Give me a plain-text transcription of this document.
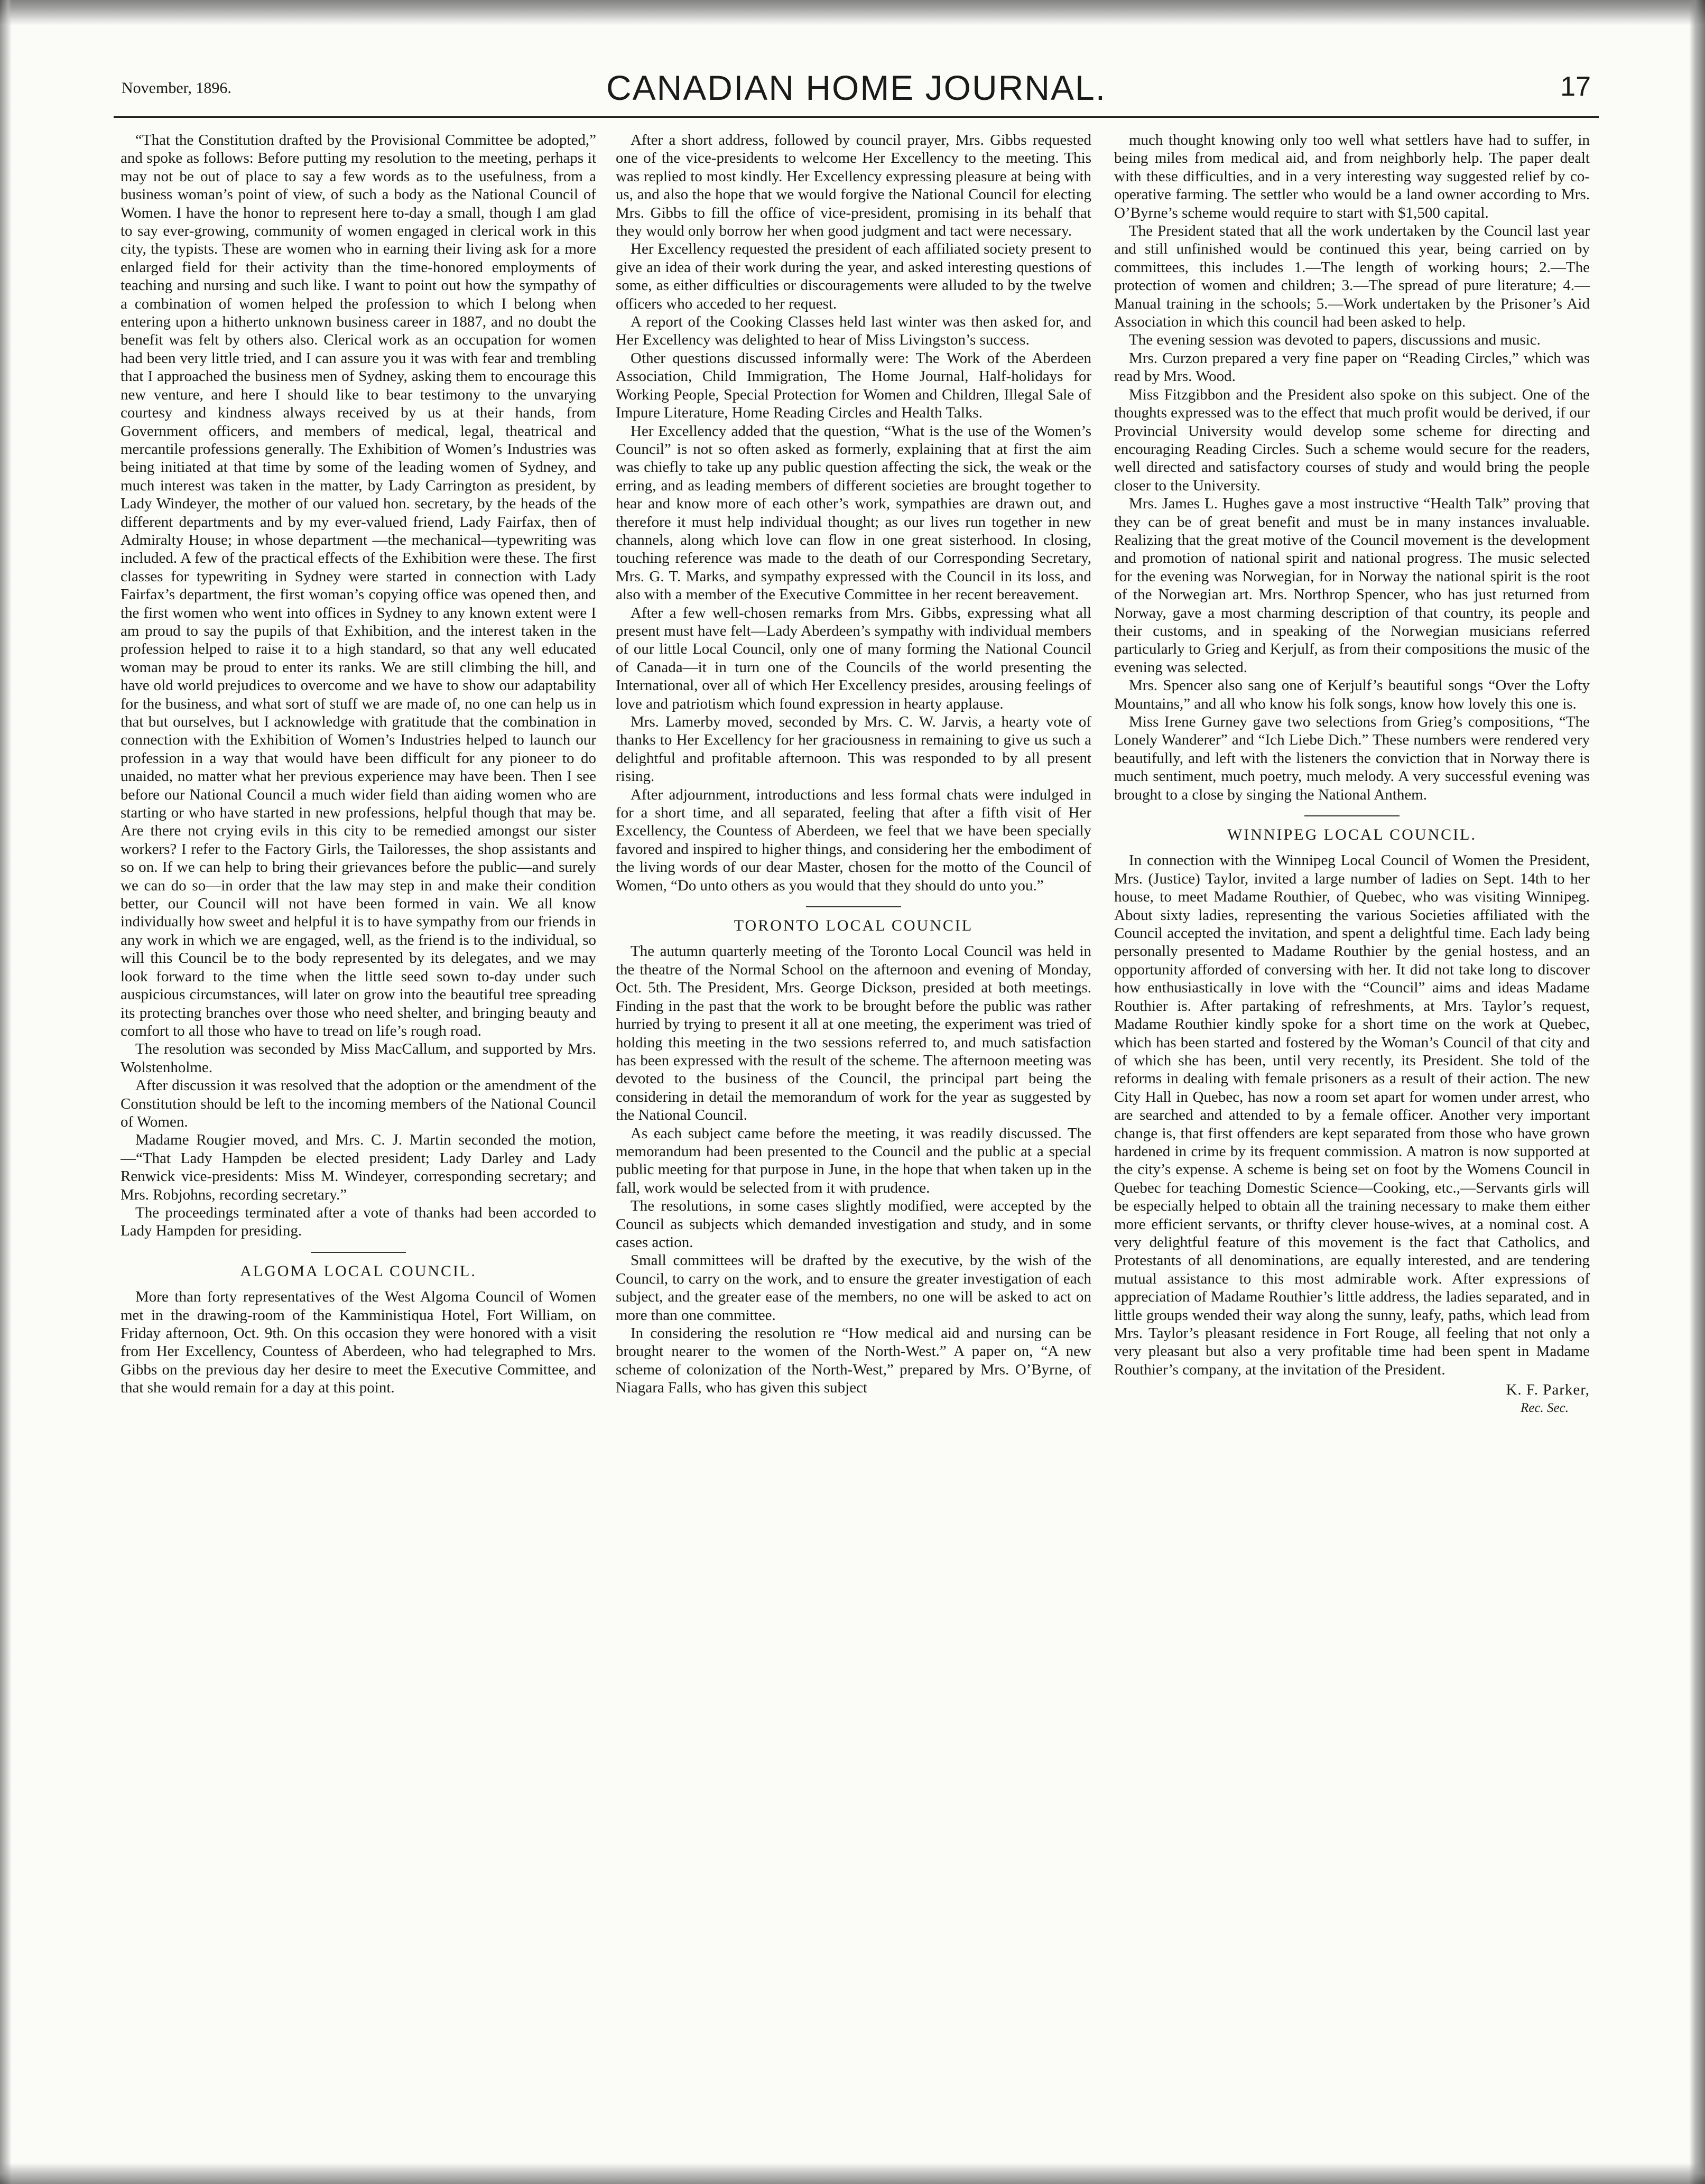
November, 1896.	CANADIAN HOME JOURNAL.	17

“That the Constitution drafted by the Provisional Committee be adopted,” and spoke as follows: Before putting my resolution to the meeting, perhaps it may not be out of place to say a few words as to the usefulness, from a business woman’s point of view, of such a body as the National Council of Women. I have the honor to represent here to-day a small, though I am glad to say ever-growing, community of women engaged in clerical work in this city, the typists. These are women who in earning their living ask for a more enlarged field for their activity than the time-honored employments of teaching and nursing and such like. I want to point out how the sympathy of a combination of women helped the profession to which I belong when entering upon a hitherto unknown business career in 1887, and no doubt the benefit was felt by others also. Clerical work as an occupation for women had been very little tried, and I can assure you it was with fear and trembling that I approached the business men of Sydney, asking them to encourage this new venture, and here I should like to bear testimony to the unvarying courtesy and kindness always received by us at their hands, from Government officers, and members of medical, legal, theatrical and mercantile professions generally. The Exhibition of Women’s Industries was being initiated at that time by some of the leading women of Sydney, and much interest was taken in the matter, by Lady Carrington as president, by Lady Windeyer, the mother of our valued hon. secretary, by the heads of the different departments and by my ever-valued friend, Lady Fairfax, then of Admiralty House; in whose department —the mechanical—typewriting was included. A few of the practical effects of the Exhibition were these. The first classes for typewriting in Sydney were started in connection with Lady Fairfax’s department, the first woman’s copying office was opened then, and the first women who went into offices in Sydney to any known extent were I am proud to say the pupils of that Exhibition, and the interest taken in the profession helped to raise it to a high standard, so that any well educated woman may be proud to enter its ranks. We are still climbing the hill, and have old world prejudices to overcome and we have to show our adaptability for the business, and what sort of stuff we are made of, no one can help us in that but ourselves, but I acknowledge with gratitude that the combination in connection with the Exhibition of Women’s Industries helped to launch our profession in a way that would have been difficult for any pioneer to do unaided, no matter what her previous experience may have been. Then I see before our National Council a much wider field than aiding women who are starting or who have started in new professions, helpful though that may be. Are there not crying evils in this city to be remedied amongst our sister workers? I refer to the Factory Girls, the Tailoresses, the shop assistants and so on. If we can help to bring their grievances before the public—and surely we can do so—in order that the law may step in and make their condition better, our Council will not have been formed in vain. We all know individually how sweet and helpful it is to have sympathy from our friends in any work in which we are engaged, well, as the friend is to the individual, so will this Council be to the body represented by its delegates, and we may look forward to the time when the little seed sown to-day under such auspicious circumstances, will later on grow into the beautiful tree spreading its protecting branches over those who need shelter, and bringing beauty and comfort to all those who have to tread on life’s rough road.

The resolution was seconded by Miss MacCallum, and supported by Mrs. Wolstenholme.

After discussion it was resolved that the adoption or the amendment of the Constitution should be left to the incoming members of the National Council of Women.

Madame Rougier moved, and Mrs. C. J. Martin seconded the motion,—“That Lady Hampden be elected president; Lady Darley and Lady Renwick vice-presidents: Miss M. Windeyer, corresponding secretary; and Mrs. Robjohns, recording secretary.”

The proceedings terminated after a vote of thanks had been accorded to Lady Hampden for presiding.

ALGOMA LOCAL COUNCIL.

More than forty representatives of the West Algoma Council of Women met in the drawing-room of the Kamministiqua Hotel, Fort William, on Friday afternoon, Oct. 9th. On this occasion they were honored with a visit from Her Excellency, Countess of Aberdeen, who had telegraphed to Mrs. Gibbs on the previous day her desire to meet the Executive Committee, and that she would remain for a day at this point.

After a short address, followed by council prayer, Mrs. Gibbs requested one of the vice-presidents to welcome Her Excellency to the meeting. This was replied to most kindly. Her Excellency expressing pleasure at being with us, and also the hope that we would forgive the National Council for electing Mrs. Gibbs to fill the office of vice-president, promising in its behalf that they would only borrow her when good judgment and tact were necessary.

Her Excellency requested the president of each affiliated society present to give an idea of their work during the year, and asked interesting questions of some, as either difficulties or discouragements were alluded to by the twelve officers who acceded to her request.

A report of the Cooking Classes held last winter was then asked for, and Her Excellency was delighted to hear of Miss Livingston’s success.

Other questions discussed informally were: The Work of the Aberdeen Association, Child Immigration, The Home Journal, Half-holidays for Working People, Special Protection for Women and Children, Illegal Sale of Impure Literature, Home Reading Circles and Health Talks.

Her Excellency added that the question, “What is the use of the Women’s Council” is not so often asked as formerly, explaining that at first the aim was chiefly to take up any public question affecting the sick, the weak or the erring, and as leading members of different societies are brought together to hear and know more of each other’s work, sympathies are drawn out, and therefore it must help individual thought; as our lives run together in new channels, along which love can flow in one great sisterhood. In closing, touching reference was made to the death of our Corresponding Secretary, Mrs. G. T. Marks, and sympathy expressed with the Council in its loss, and also with a member of the Executive Committee in her recent bereavement.

After a few well-chosen remarks from Mrs. Gibbs, expressing what all present must have felt—Lady Aberdeen’s sympathy with individual members of our little Local Council, only one of many forming the National Council of Canada—it in turn one of the Councils of the world presenting the International, over all of which Her Excellency presides, arousing feelings of love and patriotism which found expression in hearty applause.

Mrs. Lamerby moved, seconded by Mrs. C. W. Jarvis, a hearty vote of thanks to Her Excellency for her graciousness in remaining to give us such a delightful and profitable afternoon. This was responded to by all present rising.

After adjournment, introductions and less formal chats were indulged in for a short time, and all separated, feeling that after a fifth visit of Her Excellency, the Countess of Aberdeen, we feel that we have been specially favored and inspired to higher things, and considering her the embodiment of the living words of our dear Master, chosen for the motto of the Council of Women, “Do unto others as you would that they should do unto you.”

TORONTO LOCAL COUNCIL

The autumn quarterly meeting of the Toronto Local Council was held in the theatre of the Normal School on the afternoon and evening of Monday, Oct. 5th. The President, Mrs. George Dickson, presided at both meetings. Finding in the past that the work to be brought before the public was rather hurried by trying to present it all at one meeting, the experiment was tried of holding this meeting in the two sessions referred to, and much satisfaction has been expressed with the result of the scheme. The afternoon meeting was devoted to the business of the Council, the principal part being the considering in detail the memorandum of work for the year as suggested by the National Council.

As each subject came before the meeting, it was readily discussed. The memorandum had been presented to the Council and the public at a special public meeting for that purpose in June, in the hope that when taken up in the fall, work would be selected from it with prudence.

The resolutions, in some cases slightly modified, were accepted by the Council as subjects which demanded investigation and study, and in some cases action.

Small committees will be drafted by the executive, by the wish of the Council, to carry on the work, and to ensure the greater investigation of each subject, and the greater ease of the members, no one will be asked to act on more than one committee.

In considering the resolution re “How medical aid and nursing can be brought nearer to the women of the North-West.” A paper on, “A new scheme of colonization of the North-West,” prepared by Mrs. O’Byrne, of Niagara Falls, who has given this subject

much thought knowing only too well what settlers have had to suffer, in being miles from medical aid, and from neighborly help. The paper dealt with these difficulties, and in a very interesting way suggested relief by co-operative farming. The settler who would be a land owner according to Mrs. O’Byrne’s scheme would require to start with $1,500 capital.

The President stated that all the work undertaken by the Council last year and still unfinished would be continued this year, being carried on by committees, this includes 1.—The length of working hours; 2.—The protection of women and children; 3.—The spread of pure literature; 4.—Manual training in the schools; 5.—Work undertaken by the Prisoner’s Aid Association in which this council had been asked to help.

The evening session was devoted to papers, discussions and music.

Mrs. Curzon prepared a very fine paper on “Reading Circles,” which was read by Mrs. Wood.

Miss Fitzgibbon and the President also spoke on this subject. One of the thoughts expressed was to the effect that much profit would be derived, if our Provincial University would develop some scheme for directing and encouraging Reading Circles. Such a scheme would secure for the readers, well directed and satisfactory courses of study and would bring the people closer to the University.

Mrs. James L. Hughes gave a most instructive “Health Talk” proving that they can be of great benefit and must be in many instances invaluable. Realizing that the great motive of the Council movement is the development and promotion of national spirit and national progress. The music selected for the evening was Norwegian, for in Norway the national spirit is the root of the Norwegian art. Mrs. Northrop Spencer, who has just returned from Norway, gave a most charming description of that country, its people and their customs, and in speaking of the Norwegian musicians referred particularly to Grieg and Kerjulf, as from their compositions the music of the evening was selected.

Mrs. Spencer also sang one of Kerjulf’s beautiful songs “Over the Lofty Mountains,” and all who know his folk songs, know how lovely this one is.

Miss Irene Gurney gave two selections from Grieg’s compositions, “The Lonely Wanderer” and “Ich Liebe Dich.” These numbers were rendered very beautifully, and left with the listeners the conviction that in Norway there is much sentiment, much poetry, much melody. A very successful evening was brought to a close by singing the National Anthem.

WINNIPEG LOCAL COUNCIL.

In connection with the Winnipeg Local Council of Women the President, Mrs. (Justice) Taylor, invited a large number of ladies on Sept. 14th to her house, to meet Madame Routhier, of Quebec, who was visiting Winnipeg. About sixty ladies, representing the various Societies affiliated with the Council accepted the invitation, and spent a delightful time. Each lady being personally presented to Madame Routhier by the genial hostess, and an opportunity afforded of conversing with her. It did not take long to discover how enthusiastically in love with the “Council” aims and ideas Madame Routhier is. After partaking of refreshments, at Mrs. Taylor’s request, Madame Routhier kindly spoke for a short time on the work at Quebec, which has been started and fostered by the Woman’s Council of that city and of which she has been, until very recently, its President. She told of the reforms in dealing with female prisoners as a result of their action. The new City Hall in Quebec, has now a room set apart for women under arrest, who are searched and attended to by a female officer. Another very important change is, that first offenders are kept separated from those who have grown hardened in crime by its frequent commission. A matron is now supported at the city’s expense. A scheme is being set on foot by the Womens Council in Quebec for teaching Domestic Science—Cooking, etc.,—Servants girls will be especially helped to obtain all the training necessary to make them either more efficient servants, or thrifty clever house-wives, at a nominal cost. A very delightful feature of this movement is the fact that Catholics, and Protestants of all denominations, are equally interested, and are tendering mutual assistance to this most admirable work. After expressions of appreciation of Madame Routhier’s little address, the ladies separated, and in little groups wended their way along the sunny, leafy, paths, which lead from Mrs. Taylor’s pleasant residence in Fort Rouge, all feeling that not only a very pleasant but also a very profitable time had been spent in Madame Routhier’s company, at the invitation of the President.

K. F. Parker,
Rec. Sec.
